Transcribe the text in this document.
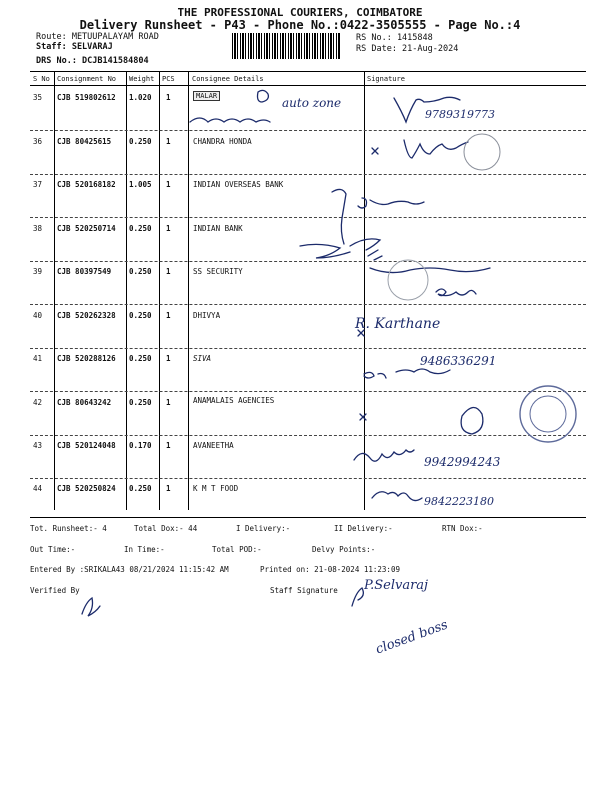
THE PROFESSIONAL COURIERS, COIMBATORE
Delivery Runsheet - P43 - Phone No.:0422-3505555 - Page No.:4
Route: METUUPALAYAM ROAD
Staff: SELVARAJ
DRS No.: DCJB141584804
RS No.: 1415848
RS Date: 21-Aug-2024
S No Consignment No Weight PCS Consignee Details	Signature
35 CJB 519802612 1.020 1	MALAR	auto zone
9789319773
36 CJB 80425615 0.250 1	CHANDRA HONDA
37 CJB 520168182 1.005 1	INDIAN OVERSEAS BANK
38 CJB 520250714 0.250 1	INDIAN BANK
39 CJB 80397549 0.250 1	SS SECURITY
40 CJB 520262328 0.250 1	DHIVYA
R. Karthane
41 CJB 520288126 0.250 1	SIVA	9486336291
42 CJB 80643242 0.250 1	ANAMALAIS AGENCIES
43 CJB 520124048 0.170 1	AVANEETHA
9942994243
44 CJB 520250824 0.250 1	K M T FOOD
9842223180
Tot. Runsheet:- 4	Total Dox:- 44	I Delivery:-	II Delivery:-	RTN Dox:-
Out Time:-	In Time:-	Total POD:-	Delvy Points:-
Entered By :SRIKALA43 08/21/2024 11:15:42 AM	Printed on: 21-08-2024 11:23:09
Verified By	Staff Signature P.Selvaraj
closed boss
